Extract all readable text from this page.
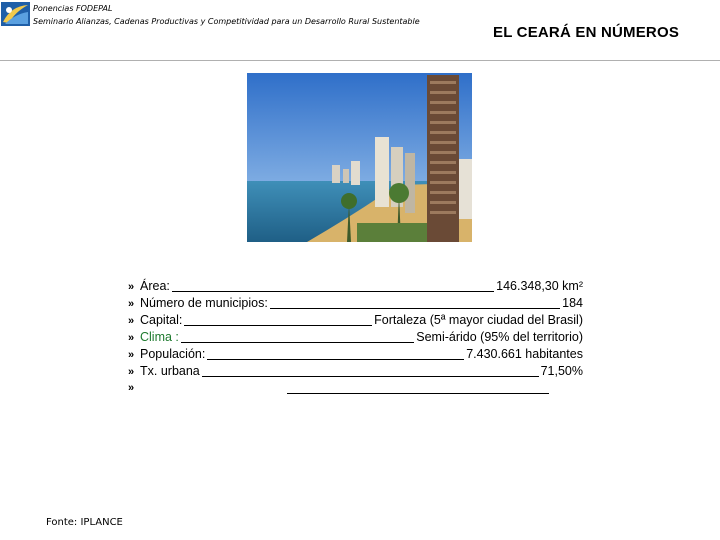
Ponencias FODEPAL
Seminario Alianzas, Cadenas Productivas y Competitividad para un Desarrollo Rural Sustentable
EL CEARÁ EN NÚMEROS
» Área:	146.348,30 km²
» Número de municipios:	184
» Capital:	Fortaleza (5ª mayor ciudad del Brasil)
» Clima :	Semi-árido (95% del territorio)
» Populación:	7.430.661 habitantes
» Tx. urbana	71,50%
»
Fonte: IPLANCE
